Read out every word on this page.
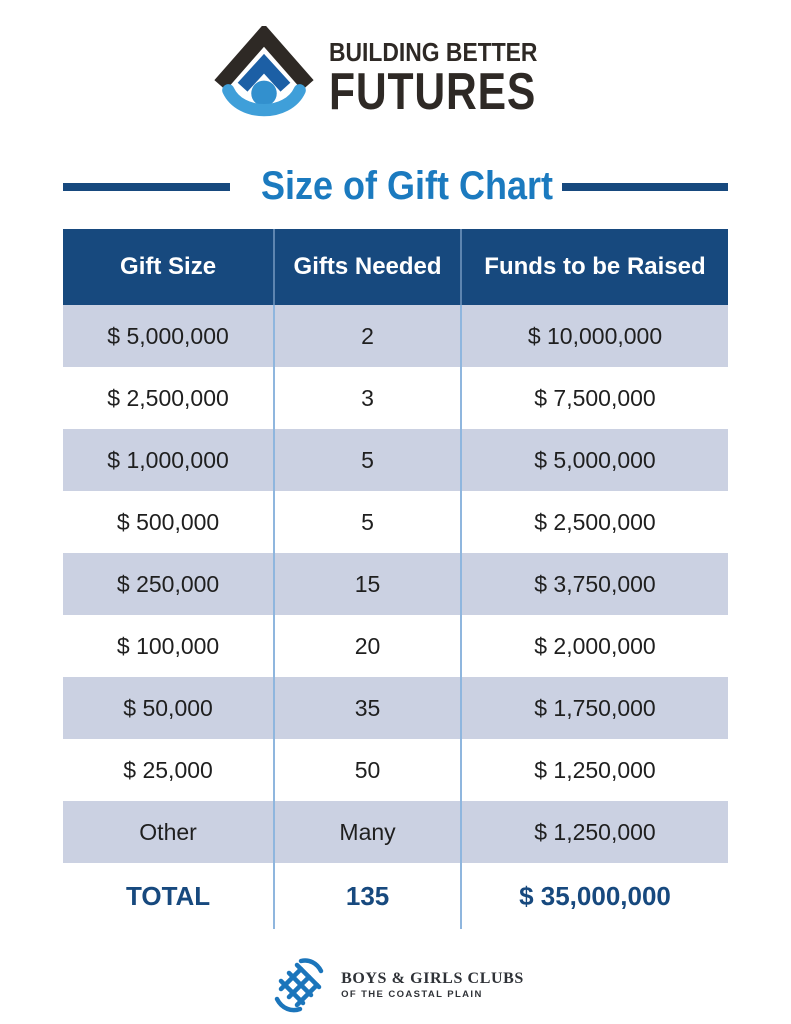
BUILDING BETTER
FUTURES
Size of Gift Chart
Gift Size	Gifts Needed	Funds to be Raised
$ 5,000,000	2	$ 10,000,000
$ 2,500,000	3	$ 7,500,000
$ 1,000,000	5	$ 5,000,000
$ 500,000	5	$ 2,500,000
$ 250,000	15	$ 3,750,000
$ 100,000	20	$ 2,000,000
$ 50,000	35	$ 1,750,000
$ 25,000	50	$ 1,250,000
Other	Many	$ 1,250,000
TOTAL	135	$ 35,000,000
BOYS & GIRLS CLUBS
OF THE COASTAL PLAIN
